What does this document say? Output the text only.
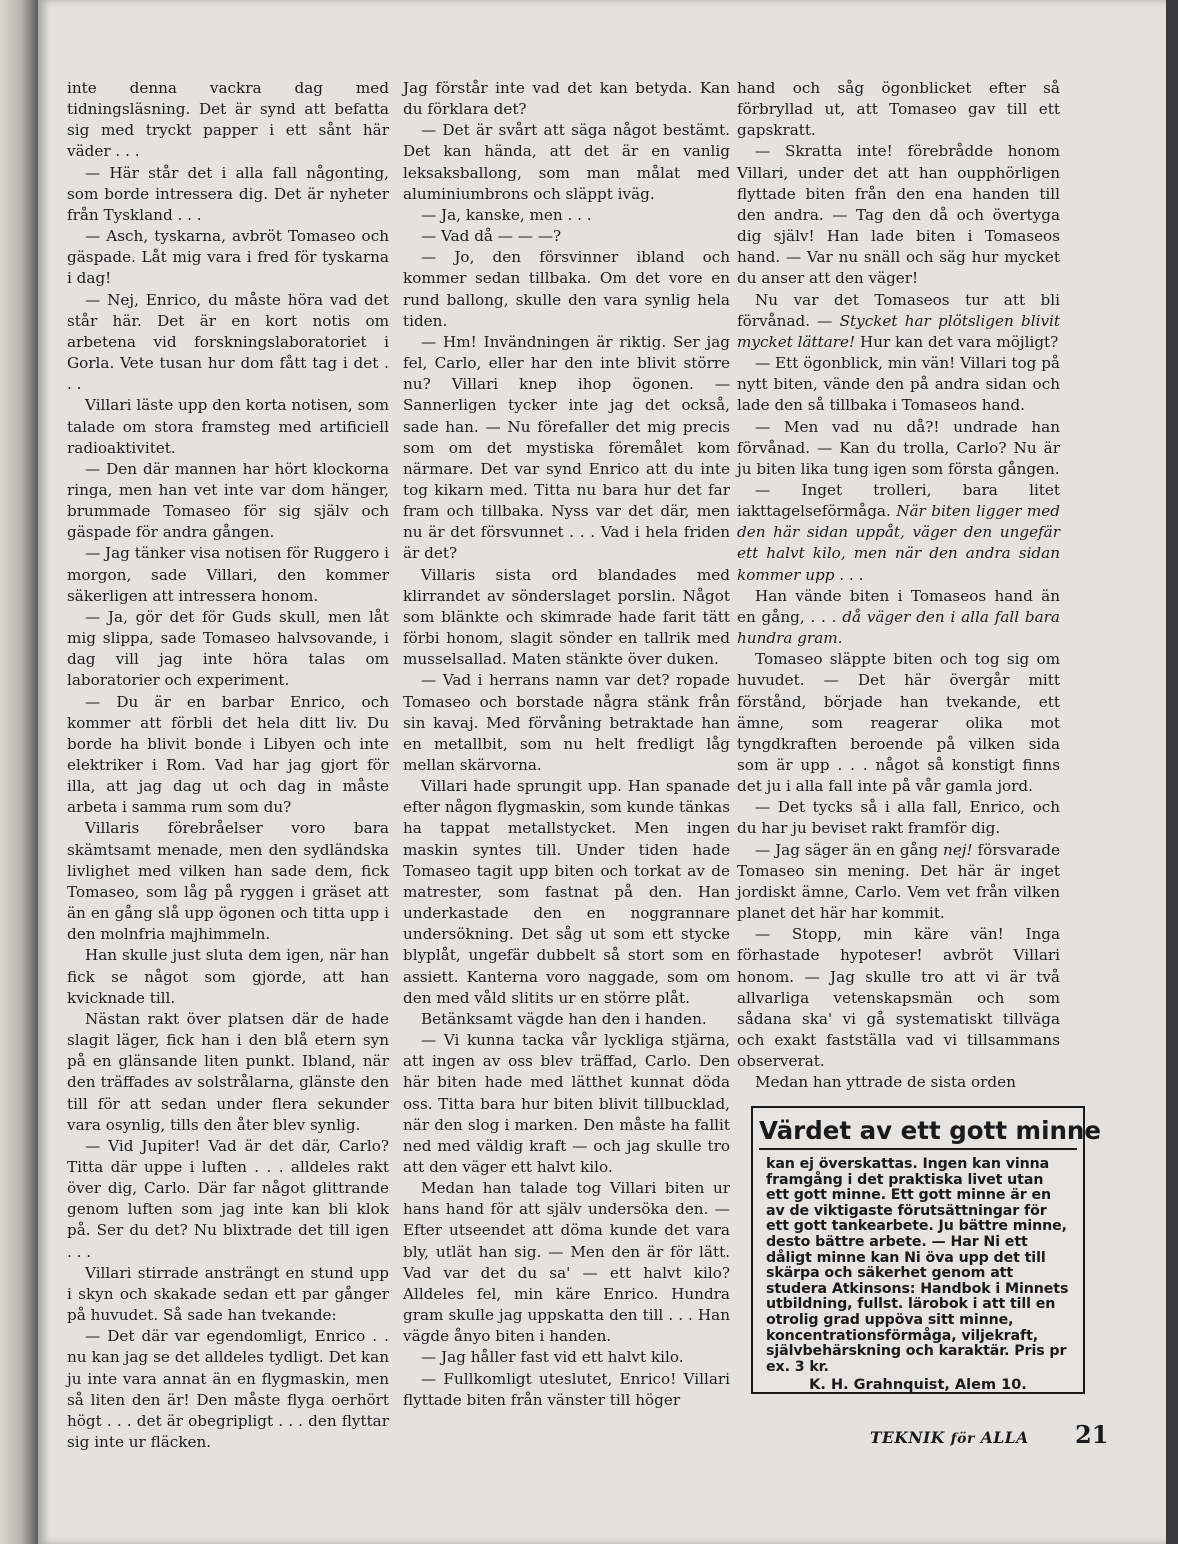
inte denna vackra dag med tidningsläsning. Det är synd att befatta sig med tryckt papper i ett sånt här väder . . .

— Här står det i alla fall någonting, som borde intressera dig. Det är nyheter från Tyskland . . .

— Asch, tyskarna, avbröt Tomaseo och gäspade. Låt mig vara i fred för tyskarna i dag!

— Nej, Enrico, du måste höra vad det står här. Det är en kort notis om arbetena vid forskningslaboratoriet i Gorla. Vete tusan hur dom fått tag i det . . .

Villari läste upp den korta notisen, som talade om stora framsteg med artificiell radioaktivitet.

— Den där mannen har hört klockorna ringa, men han vet inte var dom hänger, brummade Tomaseo för sig själv och gäspade för andra gången.

— Jag tänker visa notisen för Ruggero i morgon, sade Villari, den kommer säkerligen att intressera honom.

— Ja, gör det för Guds skull, men låt mig slippa, sade Tomaseo halvsovande, i dag vill jag inte höra talas om laboratorier och experiment.

— Du är en barbar Enrico, och kommer att förbli det hela ditt liv. Du borde ha blivit bonde i Libyen och inte elektriker i Rom. Vad har jag gjort för illa, att jag dag ut och dag in måste arbeta i samma rum som du?

Villaris förebråelser voro bara skämtsamt menade, men den sydländska livlighet med vilken han sade dem, fick Tomaseo, som låg på ryggen i gräset att än en gång slå upp ögonen och titta upp i den molnfria majhimmeln.

Han skulle just sluta dem igen, när han fick se något som gjorde, att han kvicknade till.

Nästan rakt över platsen där de hade slagit läger, fick han i den blå etern syn på en glänsande liten punkt. Ibland, när den träffades av solstrålarna, glänste den till för att sedan under flera sekunder vara osynlig, tills den åter blev synlig.

— Vid Jupiter! Vad är det där, Carlo? Titta där uppe i luften . . . alldeles rakt över dig, Carlo. Där far något glittrande genom luften som jag inte kan bli klok på. Ser du det? Nu blixtrade det till igen . . .

Villari stirrade ansträngt en stund upp i skyn och skakade sedan ett par gånger på huvudet. Så sade han tvekande:

— Det där var egendomligt, Enrico . . nu kan jag se det alldeles tydligt. Det kan ju inte vara annat än en flygmaskin, men så liten den är! Den måste flyga oerhört högt . . . det är obegripligt . . . den flyttar sig inte ur fläcken.

Jag förstår inte vad det kan betyda. Kan du förklara det?

— Det är svårt att säga något bestämt. Det kan hända, att det är en vanlig leksaksballong, som man målat med aluminiumbrons och släppt iväg.

— Ja, kanske, men . . .

— Vad då — — —?

— Jo, den försvinner ibland och kommer sedan tillbaka. Om det vore en rund ballong, skulle den vara synlig hela tiden.

— Hm! Invändningen är riktig. Ser jag fel, Carlo, eller har den inte blivit större nu? Villari knep ihop ögonen. — Sannerligen tycker inte jag det också, sade han. — Nu förefaller det mig precis som om det mystiska föremålet kom närmare. Det var synd Enrico att du inte tog kikarn med. Titta nu bara hur det far fram och tillbaka. Nyss var det där, men nu är det försvunnet . . . Vad i hela friden är det?

Villaris sista ord blandades med klirrandet av sönderslaget porslin. Något som blänkte och skimrade hade farit tätt förbi honom, slagit sönder en tallrik med musselsallad. Maten stänkte över duken.

— Vad i herrans namn var det? ropade Tomaseo och borstade några stänk från sin kavaj. Med förvåning betraktade han en metallbit, som nu helt fredligt låg mellan skärvorna.

Villari hade sprungit upp. Han spanade efter någon flygmaskin, som kunde tänkas ha tappat metallstycket. Men ingen maskin syntes till. Under tiden hade Tomaseo tagit upp biten och torkat av de matrester, som fastnat på den. Han underkastade den en noggrannare undersökning. Det såg ut som ett stycke blyplåt, ungefär dubbelt så stort som en assiett. Kanterna voro naggade, som om den med våld slitits ur en större plåt.

Betänksamt vägde han den i handen.

— Vi kunna tacka vår lyckliga stjärna, att ingen av oss blev träffad, Carlo. Den här biten hade med lätthet kunnat döda oss. Titta bara hur biten blivit tillbucklad, när den slog i marken. Den måste ha fallit ned med väldig kraft — och jag skulle tro att den väger ett halvt kilo.

Medan han talade tog Villari biten ur hans hand för att själv undersöka den. — Efter utseendet att döma kunde det vara bly, utlät han sig. — Men den är för lätt. Vad var det du sa' — ett halvt kilo? Alldeles fel, min käre Enrico. Hundra gram skulle jag uppskatta den till . . . Han vägde ånyo biten i handen.

— Jag håller fast vid ett halvt kilo.

— Fullkomligt uteslutet, Enrico! Villari flyttade biten från vänster till höger

hand och såg ögonblicket efter så förbryllad ut, att Tomaseo gav till ett gapskratt.

— Skratta inte! förebrådde honom Villari, under det att han oupphörligen flyttade biten från den ena handen till den andra. — Tag den då och övertyga dig själv! Han lade biten i Tomaseos hand. — Var nu snäll och säg hur mycket du anser att den väger!

Nu var det Tomaseos tur att bli förvånad. — Stycket har plötsligen blivit mycket lättare! Hur kan det vara möjligt?

— Ett ögonblick, min vän! Villari tog på nytt biten, vände den på andra sidan och lade den så tillbaka i Tomaseos hand.

— Men vad nu då?! undrade han förvånad. — Kan du trolla, Carlo? Nu är ju biten lika tung igen som första gången.

— Inget trolleri, bara litet iakttagelseförmåga. När biten ligger med den här sidan uppåt, väger den ungefär ett halvt kilo, men när den andra sidan kommer upp . . .

Han vände biten i Tomaseos hand än en gång, . . . då väger den i alla fall bara hundra gram.

Tomaseo släppte biten och tog sig om huvudet. — Det här övergår mitt förstånd, började han tvekande, ett ämne, som reagerar olika mot tyngdkraften beroende på vilken sida som är upp . . . något så konstigt finns det ju i alla fall inte på vår gamla jord.

— Det tycks så i alla fall, Enrico, och du har ju beviset rakt framför dig.

— Jag säger än en gång nej! försvarade Tomaseo sin mening. Det här är inget jordiskt ämne, Carlo. Vem vet från vilken planet det här har kommit.

— Stopp, min käre vän! Inga förhastade hypoteser! avbröt Villari honom. — Jag skulle tro att vi är två allvarliga vetenskapsmän och som sådana ska' vi gå systematiskt tillväga och exakt fastställa vad vi tillsammans observerat.

Medan han yttrade de sista orden

Värdet av ett gott minne
kan ej överskattas. Ingen kan vinna framgång i det praktiska livet utan ett gott minne. Ett gott minne är en av de viktigaste förutsättningar för ett gott tankearbete. Ju bättre minne, desto bättre arbete. — Har Ni ett dåligt minne kan Ni öva upp det till skärpa och säkerhet genom att studera Atkinsons: Handbok i Minnets utbildning, fullst. lärobok i att till en otrolig grad uppöva sitt minne, koncentrationsförmåga, viljekraft, självbehärskning och karaktär. Pris pr ex. 3 kr.
K. H. Grahnquist, Alem 10.
TEKNIK för ALLA 21
